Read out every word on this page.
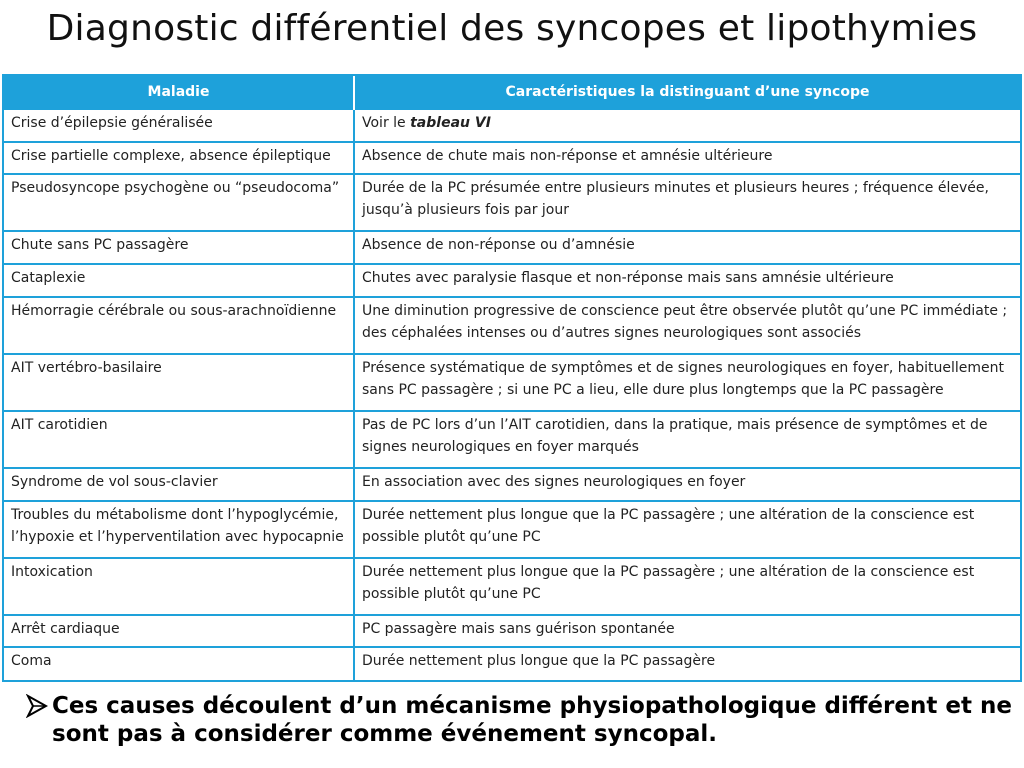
Diagnostic différentiel des syncopes et lipothymies
Maladie	Caractéristiques la distinguant d’une syncope
Crise d’épilepsie généralisée	Voir le tableau VI
Crise partielle complexe, absence épileptique	Absence de chute mais non-réponse et amnésie ultérieure
Pseudosyncope psychogène ou “pseudocoma”	Durée de la PC présumée entre plusieurs minutes et plusieurs heures ; fréquence élevée, jusqu’à plusieurs fois par jour
Chute sans PC passagère	Absence de non-réponse ou d’amnésie
Cataplexie	Chutes avec paralysie flasque et non-réponse mais sans amnésie ultérieure
Hémorragie cérébrale ou sous-arachnoïdienne	Une diminution progressive de conscience peut être observée plutôt qu’une PC immédiate ; des céphalées intenses ou d’autres signes neurologiques sont associés
AIT vertébro-basilaire	Présence systématique de symptômes et de signes neurologiques en foyer, habituellement sans PC passagère ; si une PC a lieu, elle dure plus longtemps que la PC passagère
AIT carotidien	Pas de PC lors d’un l’AIT carotidien, dans la pratique, mais présence de symptômes et de signes neurologiques en foyer marqués
Syndrome de vol sous-clavier	En association avec des signes neurologiques en foyer
Troubles du métabolisme dont l’hypoglycémie, l’hypoxie et l’hyperventilation avec hypocapnie	Durée nettement plus longue que la PC passagère ; une altération de la conscience est possible plutôt qu’une PC
Intoxication	Durée nettement plus longue que la PC passagère ; une altération de la conscience est possible plutôt qu’une PC
Arrêt cardiaque	PC passagère mais sans guérison spontanée
Coma	Durée nettement plus longue que la PC passagère
Ces causes découlent d’un mécanisme physiopathologique différent et ne sont pas à considérer comme événement syncopal.
